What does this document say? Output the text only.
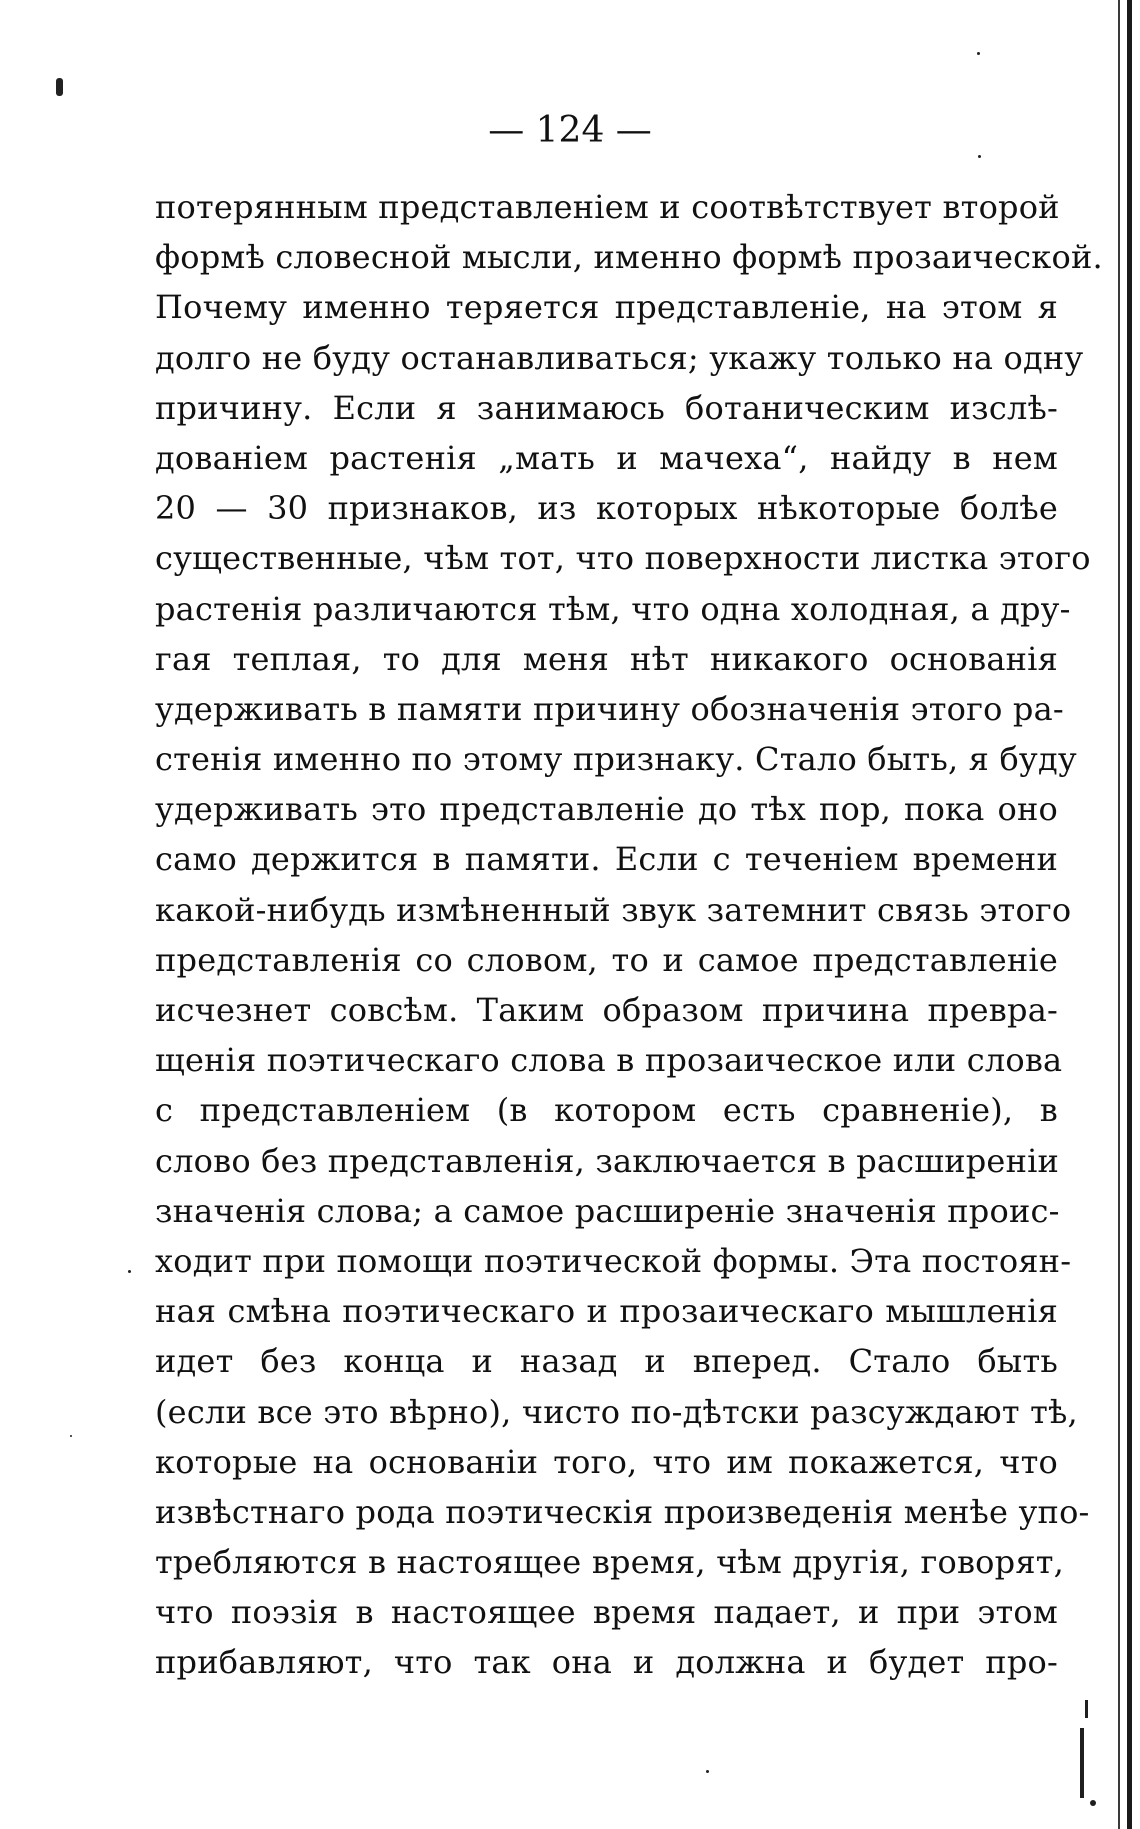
— 124 —
потерянным представленіем и соотвѣтствует второй
формѣ словесной мысли, именно формѣ прозаической.
Почему именно теряется представленіе, на этом я
долго не буду останавливаться; укажу только на одну
причину. Если я занимаюсь ботаническим изслѣ-
дованіем растенія „мать и мачеха“, найду в нем
20 — 30 признаков, из которых нѣкоторые болѣе
существенные, чѣм тот, что поверхности листка этого
растенія различаются тѣм, что одна холодная, а дру-
гая теплая, то для меня нѣт никакого основанія
удерживать в памяти причину обозначенія этого ра-
стенія именно по этому признаку. Стало быть, я буду
удерживать это представленіе до тѣх пор, пока оно
само держится в памяти. Если с теченіем времени
какой-нибудь измѣненный звук затемнит связь этого
представленія со словом, то и самое представленіе
исчезнет совсѣм. Таким образом причина превра-
щенія поэтическаго слова в прозаическое или слова
с представленіем (в котором есть сравненіе), в
слово без представленія, заключается в расширеніи
значенія слова; а самое расширеніе значенія проис-
ходит при помощи поэтической формы. Эта постоян-
ная смѣна поэтическаго и прозаическаго мышленія
идет без конца и назад и вперед. Стало быть
(если все это вѣрно), чисто по-дѣтски разсуждают тѣ,
которые на основаніи того, что им покажется, что
извѣстнаго рода поэтическія произведенія менѣе упо-
требляются в настоящее время, чѣм другія, говорят,
что поэзія в настоящее время падает, и при этом
прибавляют, что так она и должна и будет про-
